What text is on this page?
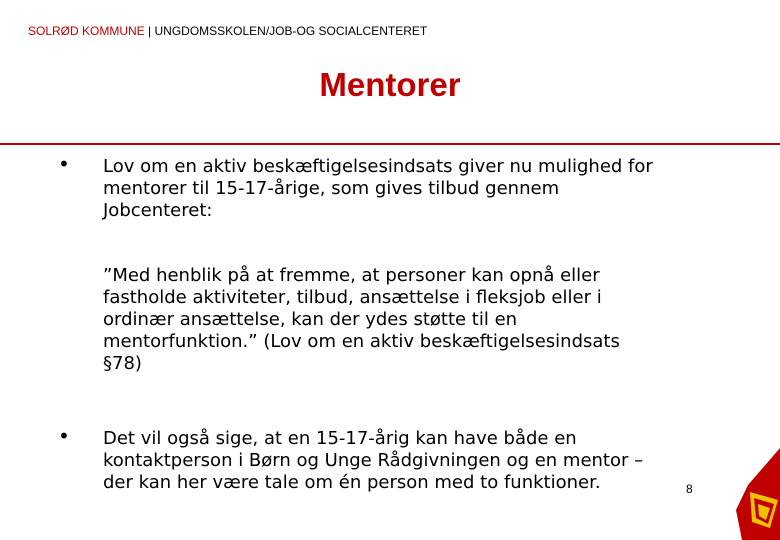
SOLRØD KOMMUNE | UNGDOMSSKOLEN/JOB-OG SOCIALCENTERET
Mentorer
• Lov om en aktiv beskæftigelsesindsats giver nu mulighed for
mentorer til 15-17-årige, som gives tilbud gennem
Jobcenteret:
”Med henblik på at fremme, at personer kan opnå eller
fastholde aktiviteter, tilbud, ansættelse i fleksjob eller i
ordinær ansættelse, kan der ydes støtte til en
mentorfunktion.” (Lov om en aktiv beskæftigelsesindsats
§78)
• Det vil også sige, at en 15-17-årig kan have både en
kontaktperson i Børn og Unge Rådgivningen og en mentor –
der kan her være tale om én person med to funktioner.	8
